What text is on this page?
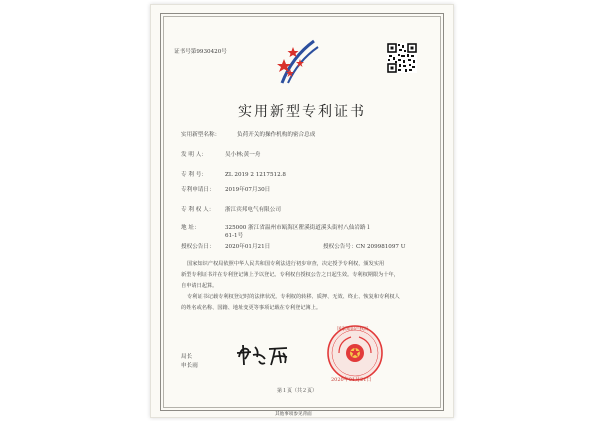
证书号第9930420号
实用新型专利证书
实用新型名称：	负荷开关的操作机构的密合总成
发 明 人：	吴小林;黄一舟
专 利 号：	ZL 2019 2 1217512.8
专利申请日： 2019年07月30日
专 利 权 人： 浙江宾邦电气有限公司
地 址：	325000 浙江省温州市瓯海区瞿溪街道溪头街村八仙岩路１
61-1号
授权公告日： 2020年01月21日	授权公告号： CN 209981097 U
国家知识产权局依照中华人民共和国专利法进行初步审查，决定授予专利权，颁发实用
新型专利证书并在专利登记簿上予以登记。专利权自授权公告之日起生效。专利权期限为十年，
自申请日起算。
专利证书记载专利权登记时的法律状况。专利权的转移、质押、无效、终止、恢复和专利权人
的姓名或名称、国籍、地址变更等事项记载在专利登记簿上。
局长
申长雨
2020年01月21日
国家知识产权局
第１页（共２页）
其他事项参见背面
